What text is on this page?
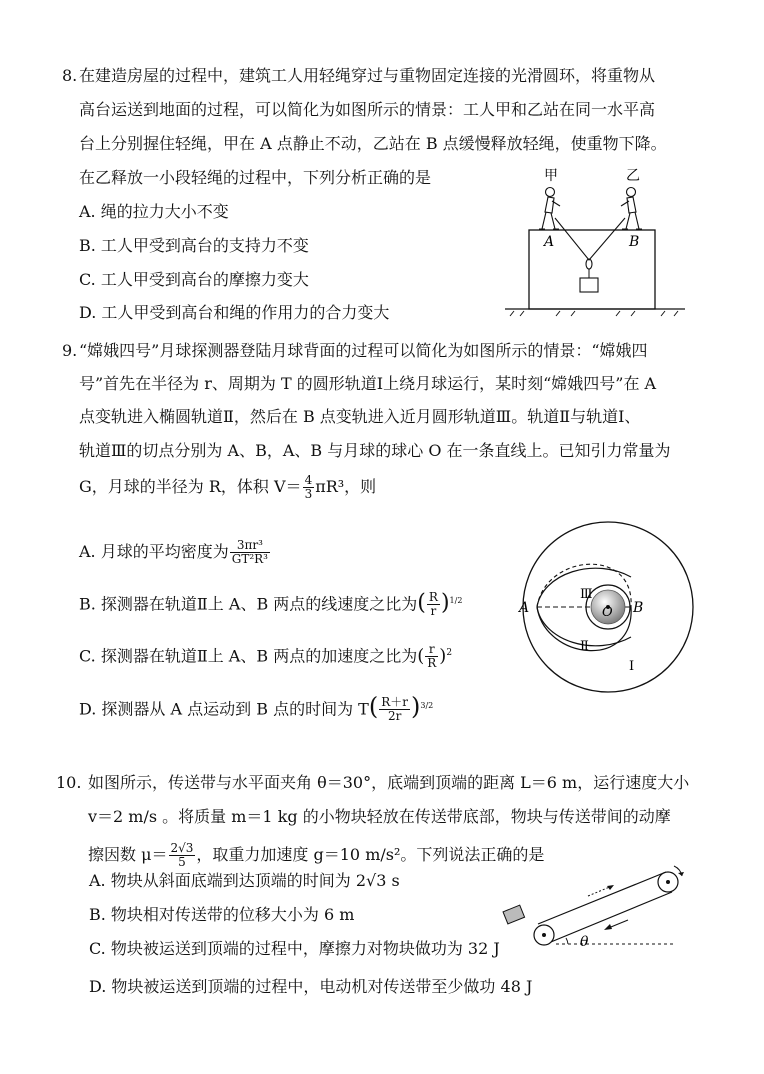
8. 在建造房屋的过程中，建筑工人用轻绳穿过与重物固定连接的光滑圆环，将重物从
高台运送到地面的过程，可以简化为如图所示的情景：工人甲和乙站在同一水平高
台上分别握住轻绳，甲在 A 点静止不动，乙站在 B 点缓慢释放轻绳，使重物下降。
在乙释放一小段轻绳的过程中，下列分析正确的是
A. 绳的拉力大小不变
B. 工人甲受到高台的支持力不变
C. 工人甲受到高台的摩擦力变大
D. 工人甲受到高台和绳的作用力的合力变大
甲	乙
A	B
9. “嫦娥四号”月球探测器登陆月球背面的过程可以简化为如图所示的情景：“嫦娥四
号”首先在半径为 r、周期为 T 的圆形轨道Ⅰ上绕月球运行，某时刻“嫦娥四号”在 A
点变轨进入椭圆轨道Ⅱ，然后在 B 点变轨进入近月圆形轨道Ⅲ。轨道Ⅱ与轨道Ⅰ、
轨道Ⅲ的切点分别为 A、B，A、B 与月球的球心 O 在一条直线上。已知引力常量为
G，月球的半径为 R，体积 $V= \frac{4}{3} \pi R^3$，则
A. 月球的平均密度为 $\frac{\text{3πr³}}{\text{GT²R³}}$
B. 探测器在轨道Ⅱ上 A、B 两点的线速度之比为( $\frac{R}{r} )^{1/2}$
C. 探测器在轨道Ⅱ上 A、B 两点的加速度之比为( $\frac{r}{R} )^2$
D. 探测器从 A 点运动到 B 点的时间为 $T( \frac{R+r}{2r} )^{3/2}$
O
A	B
Ⅲ
Ⅱ
Ⅰ
10. 如图所示，传送带与水平面夹角 θ＝30°，底端到顶端的距离 L＝6 m，运行速度大小
v＝2 m/s 。将质量 m＝1 kg 的小物块轻放在传送带底部，物块与传送带间的动摩
擦因数 $\mu= \frac{2√3}{5}$ ，取重力加速度 g＝10 m/s²。下列说法正确的是
A. 物块从斜面底端到达顶端的时间为 2√3 s
B. 物块相对传送带的位移大小为 6 m
C. 物块被运送到顶端的过程中，摩擦力对物块做功为 32 J
D. 物块被运送到顶端的过程中，电动机对传送带至少做功 48 J
θ
